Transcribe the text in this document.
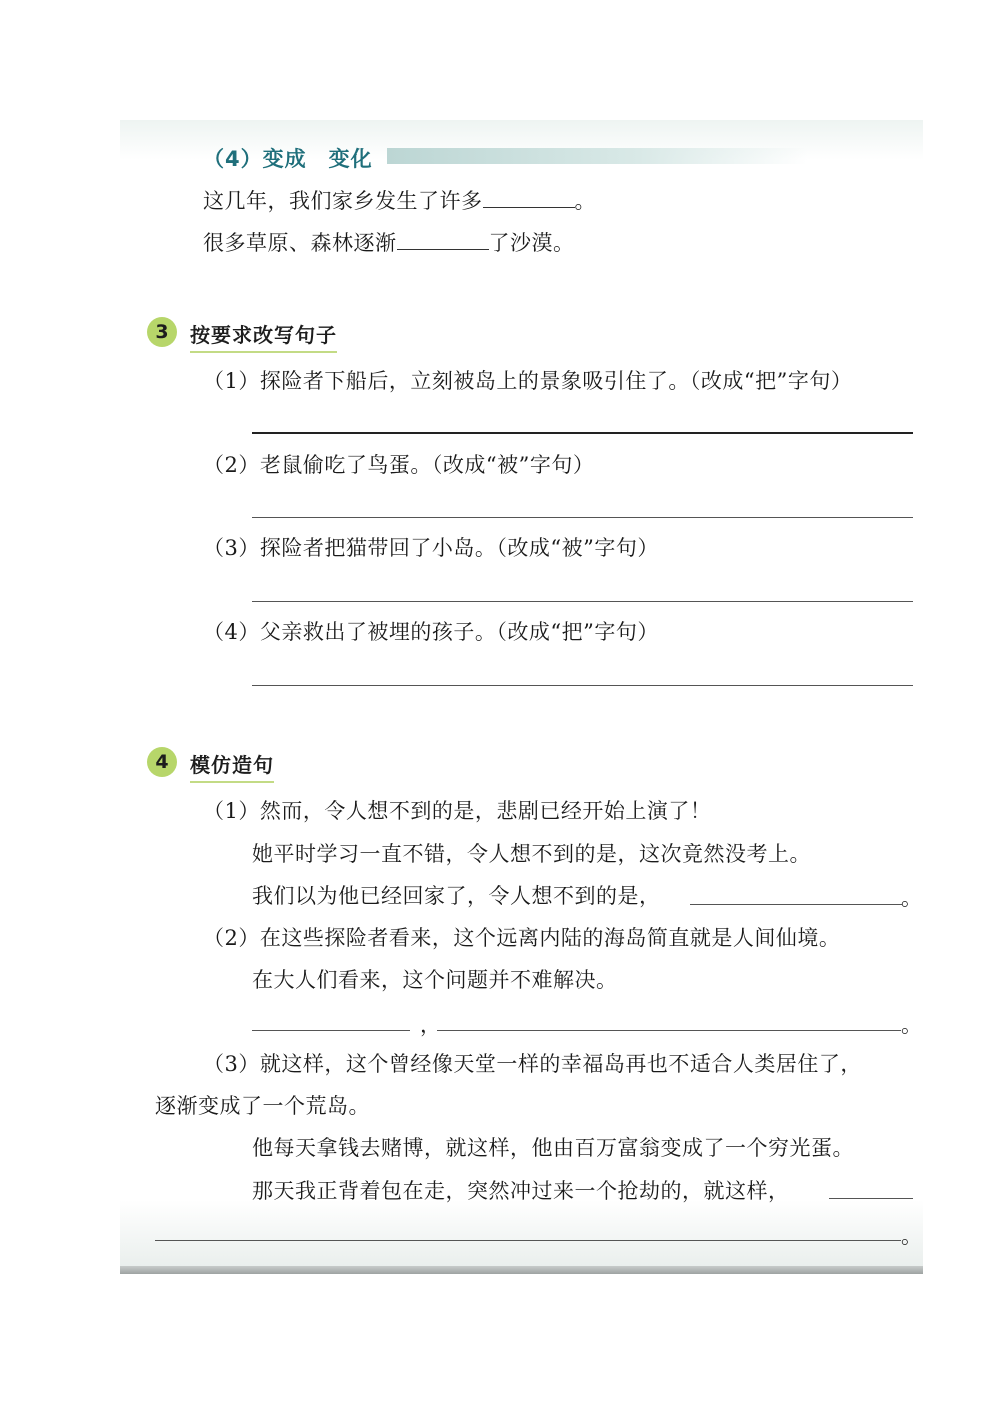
（4）变成　变化
这几年，我们家乡发生了许多	。
很多草原、森林逐渐	了沙漠。
3	按要求改写句子
（1）探险者下船后，立刻被岛上的景象吸引住了。（改成“把”字句）
（2）老鼠偷吃了鸟蛋。（改成“被”字句）
（3）探险者把猫带回了小岛。（改成“被”字句）
（4）父亲救出了被埋的孩子。（改成“把”字句）
4	模仿造句
（1）然而，令人想不到的是，悲剧已经开始上演了！
她平时学习一直不错，令人想不到的是，这次竟然没考上。
我们以为他已经回家了，令人想不到的是，	。
（2）在这些探险者看来，这个远离内陆的海岛简直就是人间仙境。
在大人们看来，这个问题并不难解决。
，	。
（3）就这样，这个曾经像天堂一样的幸福岛再也不适合人类居住了，
逐渐变成了一个荒岛。
他每天拿钱去赌博，就这样，他由百万富翁变成了一个穷光蛋。
那天我正背着包在走，突然冲过来一个抢劫的，就这样，
。
